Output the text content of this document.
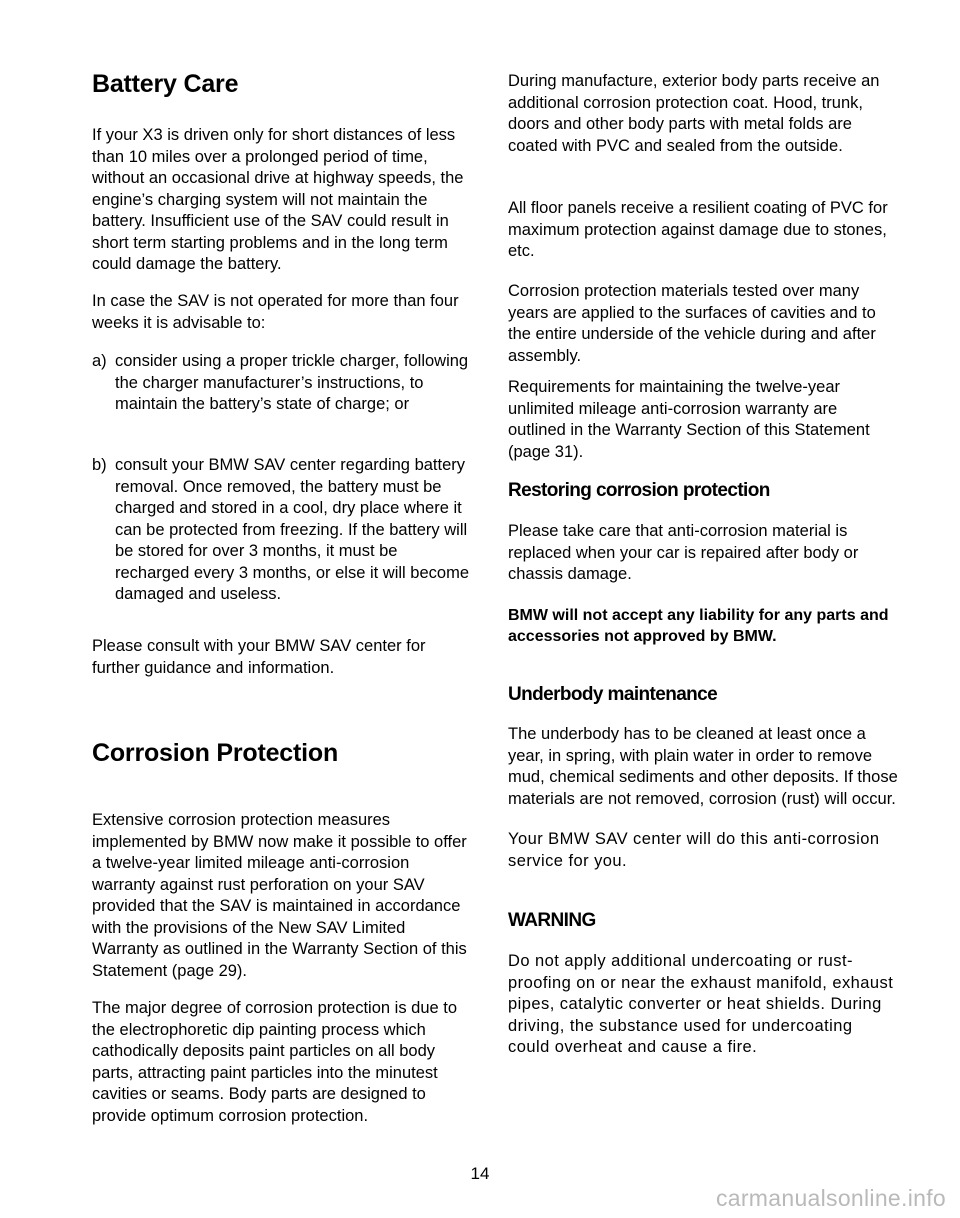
Battery Care

If your X3 is driven only for short distances of less than 10 miles over a prolonged period of time, without an occasional drive at highway speeds, the engine’s charging system will not maintain the battery. Insufficient use of the SAV could result in short term starting problems and in the long term could damage the battery.

In case the SAV is not operated for more than four weeks it is advisable to:

a) consider using a proper trickle charger, following the charger manufacturer’s instructions, to maintain the battery’s state of charge; or
b) consult your BMW SAV center regarding battery removal. Once removed, the battery must be charged and stored in a cool, dry place where it can be protected from freezing. If the battery will be stored for over 3 months, it must be recharged every 3 months, or else it will become damaged and useless.

Please consult with your BMW SAV center for further guidance and information.

Corrosion Protection

Extensive corrosion protection measures implemented by BMW now make it possible to offer a twelve-year limited mileage anti-corrosion warranty against rust perforation on your SAV provided that the SAV is maintained in accordance with the provisions of the New SAV Limited Warranty as outlined in the Warranty Section of this Statement (page 29).

The major degree of corrosion protection is due to the electrophoretic dip painting process which cathodically deposits paint particles on all body parts, attracting paint particles into the minutest cavities or seams. Body parts are designed to provide optimum corrosion protection.

During manufacture, exterior body parts receive an additional corrosion protection coat. Hood, trunk, doors and other body parts with metal folds are coated with PVC and sealed from the outside.

All floor panels receive a resilient coating of PVC for maximum protection against damage due to stones, etc.

Corrosion protection materials tested over many years are applied to the surfaces of cavities and to the entire underside of the vehicle during and after assembly.

Requirements for maintaining the twelve-year unlimited mileage anti-corrosion warranty are outlined in the Warranty Section of this Statement (page 31).

Restoring corrosion protection

Please take care that anti-corrosion material is replaced when your car is repaired after body or chassis damage.

BMW will not accept any liability for any parts and accessories not approved by BMW.

Underbody maintenance

The underbody has to be cleaned at least once a year, in spring, with plain water in order to remove mud, chemical sediments and other deposits. If those materials are not removed, corrosion (rust) will occur.

Your BMW SAV center will do this anti-corrosion service for you.

WARNING

Do not apply additional undercoating or rust-proofing on or near the exhaust manifold, exhaust pipes, catalytic converter or heat shields. During driving, the substance used for undercoating could overheat and cause a fire.

14
carmanualsonline.info
